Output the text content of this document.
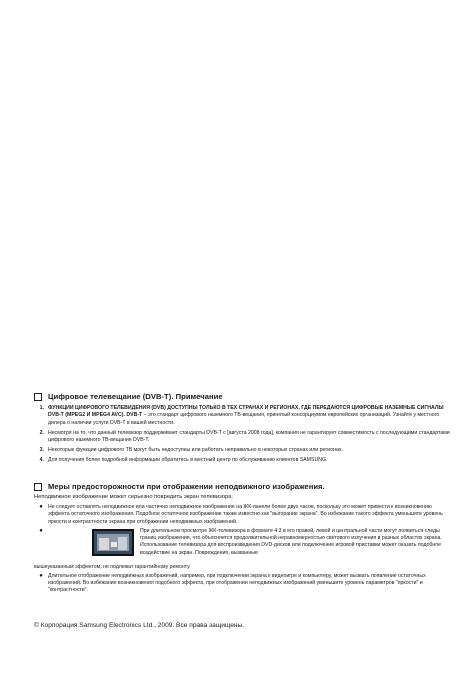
Цифровое телевещание (DVB-T). Примечание
1. ФУНКЦИИ ЦИФРОВОГО ТЕЛЕВИДЕНИЯ (DVB) ДОСТУПНЫ ТОЛЬКО В ТЕХ СТРАНАХ И РЕГИОНАХ, ГДЕ ПЕРЕДАЮТСЯ ЦИФРОВЫЕ НАЗЕМНЫЕ СИГНАЛЫ DVB-T (MPEG2 И MPEG4 AVC). DVB-T – это стандарт цифрового наземного ТВ-вещания, принятый консорциумом европейских организаций. Узнайте у местного дилера о наличии услуги DVB-T в вашей местности.
2. Несмотря на то, что данный телевизор поддерживает стандарты DVB-T с [августа 2008 года], компания не гарантирует совместимость с последующими стандартами цифрового наземного ТВ-вещания DVB-T.
3. Некоторые функции цифрового ТВ могут быть недоступны или работать неправильно в некоторых странах или регионах.
4. Для получения более подробной информации обратитесь в местный центр по обслуживанию клиентов SAMSUNG.
Меры предосторожности при отображении неподвижного изображения.
Неподвижное изображение может серьезно повредить экран телевизора.
● Не следует оставлять неподвижное или частично неподвижное изображение на ЖК-панели более двух часов, поскольку это может привести к возникновению эффекта остаточного изображения. Подобное остаточное изображение также известно как "выгорание экрана". Во избежание такого эффекта уменьшите уровень яркости и контрастности экрана при отображении неподвижных изображений.
●	При длительном просмотре ЖК-телевизора в формате 4:3 в его правой, левой и центральной части могут появиться следы границ изображения, что объясняется продолжительной неравномерностью светового излучения в разных областях экрана. Использование телевизора для воспроизведения DVD-дисков или подключение игровой приставки может оказать подобное воздействие на экран. Повреждения, вызванные
вышеуказанным эффектом, не подлежат гарантийному ремонту.
● Длительное отображение неподвижных изображений, например, при подключении экрана к видеоигре и компьютеру, может вызвать появление остаточных изображений. Во избежание возникновения подобного эффекта, при отображении неподвижных изображений уменьшите уровень параметров "яркости" и "контрастности".
© Корпорация Samsung Electronics Ltd., 2009. Все права защищены.
